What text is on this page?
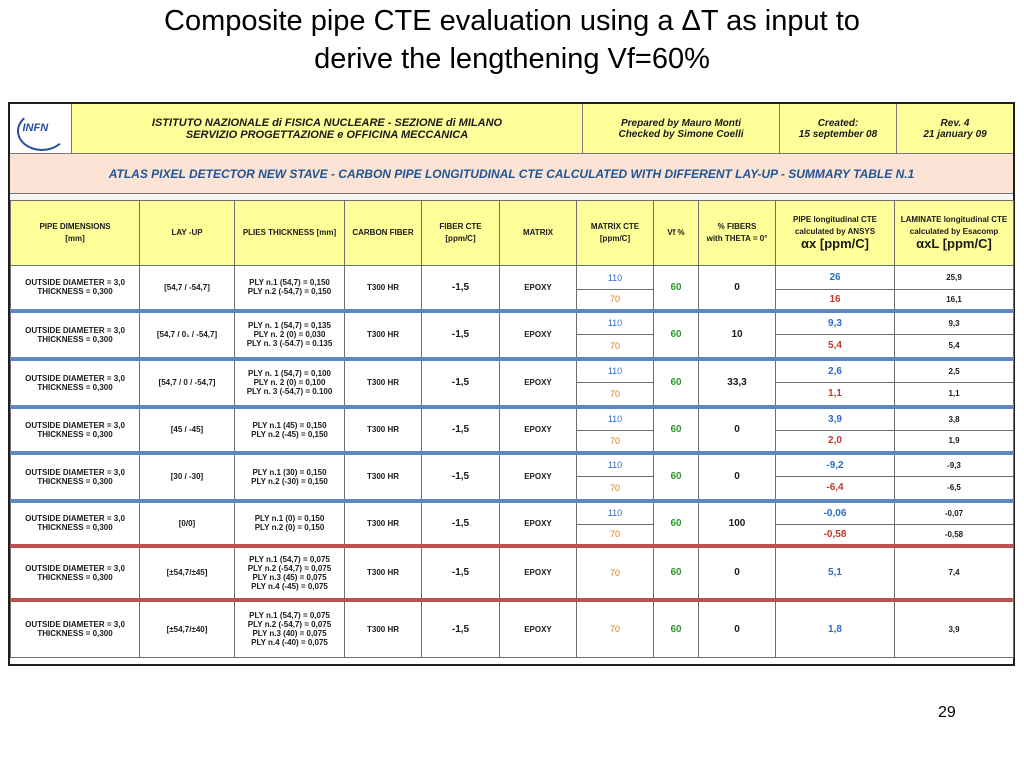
Composite pipe CTE evaluation using a ΔT as input to
derive the lengthening Vf=60%
INFN	ISTITUTO NAZIONALE di FISICA NUCLEARE - SEZIONE di MILANO
SERVIZIO PROGETTAZIONE e OFFICINA MECCANICA
Prepared by Mauro Monti
Checked by Simone Coelli
Created:
15 september 08
Rev. 4
21 january 09
ATLAS PIXEL DETECTOR NEW STAVE - CARBON PIPE LONGITUDINAL CTE CALCULATED WITH DIFFERENT LAY-UP - SUMMARY TABLE N.1
PIPE DIMENSIONS
[mm]	LAY -UP	PLIES THICKNESS [mm]	CARBON FIBER	FIBER CTE
[ppm/C]	MATRIX	MATRIX CTE
[ppm/C]	Vf %	% FIBERS
with THETA = 0°	PIPE longitudinal CTE
calculated by ANSYS
αx [ppm/C]	LAMINATE longitudinal CTE
calculated by Esacomp
αxL [ppm/C]
OUTSIDE DIAMETER = 3,0
THICKNESS = 0,300	[54,7 / -54,7]	PLY n.1 (54,7) = 0,150
PLY n.2 (-54,7) = 0,150	T300 HR	-1,5	EPOXY	110	60	0	26	25,9
						70			16	16,1
OUTSIDE DIAMETER = 3,0
THICKNESS = 0,300	[54,7 / 0₁ / -54,7]	PLY n. 1 (54,7) = 0,135
PLY n. 2 (0) = 0,030
PLY n. 3 (-54.7) = 0.135	T300 HR	-1,5	EPOXY	110	60	10	9,3	9,3
						70			5,4	5,4
OUTSIDE DIAMETER = 3,0
THICKNESS = 0,300	[54,7 / 0 / -54,7]	PLY n. 1 (54,7) = 0,100
PLY n. 2 (0) = 0,100
PLY n. 3 (-54,7) = 0.100	T300 HR	-1,5	EPOXY	110	60	33,3	2,6	2,5
						70			1,1	1,1
OUTSIDE DIAMETER = 3,0
THICKNESS = 0,300	[45 / -45]	PLY n.1 (45) = 0,150
PLY n.2 (-45) = 0,150	T300 HR	-1,5	EPOXY	110	60	0	3,9	3,8
						70			2,0	1,9
OUTSIDE DIAMETER = 3,0
THICKNESS = 0,300	[30 / -30]	PLY n.1 (30) = 0,150
PLY n.2 (-30) = 0,150	T300 HR	-1,5	EPOXY	110	60	0	-9,2	-9,3
						70			-6,4	-6,5
OUTSIDE DIAMETER = 3,0
THICKNESS = 0,300	[0/0]	PLY n.1 (0) = 0,150
PLY n.2 (0) = 0,150	T300 HR	-1,5	EPOXY	110	60	100	-0,06	-0,07
						70			-0,58	-0,58
OUTSIDE DIAMETER = 3,0
THICKNESS = 0,300	[±54,7/±45]	PLY n.1 (54,7) = 0,075
PLY n.2 (-54,7) = 0,075
PLY n.3 (45) = 0,075
PLY n.4 (-45) = 0,075	T300 HR	-1,5	EPOXY	70	60	0	5,1	7,4
OUTSIDE DIAMETER = 3,0
THICKNESS = 0,300	[±54,7/±40]	PLY n.1 (54,7) = 0,075
PLY n.2 (-54,7) = 0,075
PLY n.3 (40) = 0,075
PLY n.4 (-40) = 0,075	T300 HR	-1,5	EPOXY	70	60	0	1,8	3,9
29
